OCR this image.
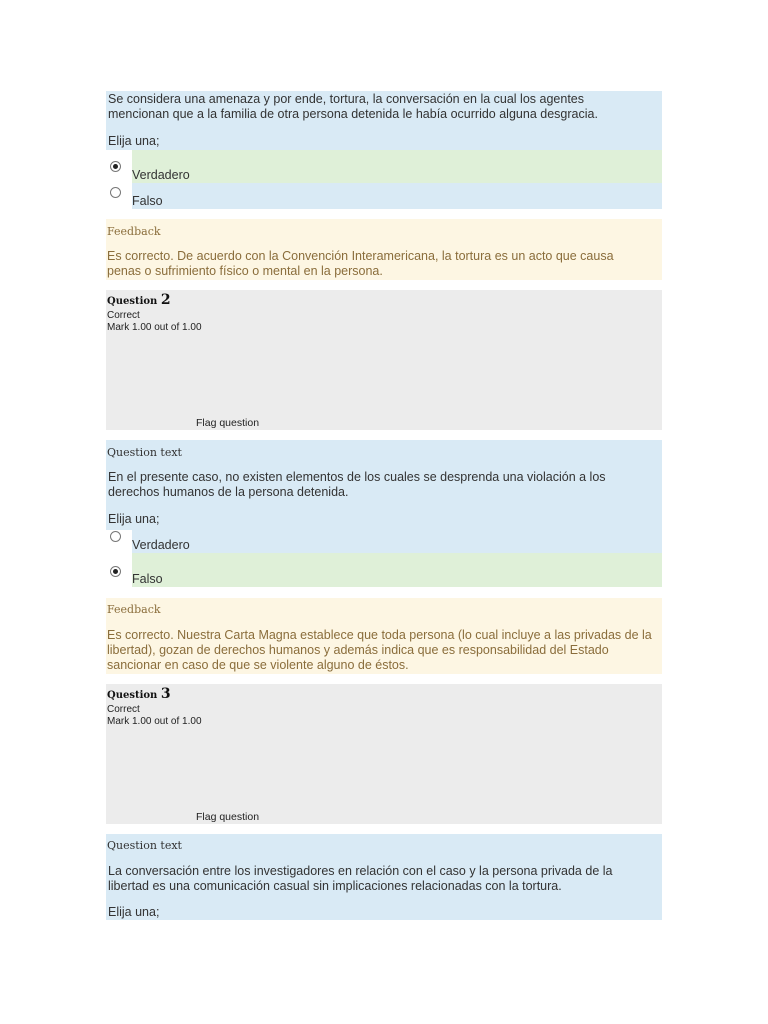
Se considera una amenaza y por ende, tortura, la conversación en la cual los agentes mencionan que a la familia de otra persona detenida le había ocurrido alguna desgracia.
Elija una;
Verdadero
Falso
Feedback
Es correcto. De acuerdo con la Convención Interamericana, la tortura es un acto que causa penas o sufrimiento físico o mental en la persona.
Question 2
Correct
Mark 1.00 out of 1.00
Flag question
Question text
En el presente caso, no existen elementos de los cuales se desprenda una violación a los derechos humanos de la persona detenida.
Elija una;
Verdadero
Falso
Feedback
Es correcto. Nuestra Carta Magna establece que toda persona (lo cual incluye a las privadas de la libertad), gozan de derechos humanos y además indica que es responsabilidad del Estado sancionar en caso de que se violente alguno de éstos.
Question 3
Correct
Mark 1.00 out of 1.00
Flag question
Question text
La conversación entre los investigadores en relación con el caso y la persona privada de la libertad es una comunicación casual sin implicaciones relacionadas con la tortura.
Elija una;
